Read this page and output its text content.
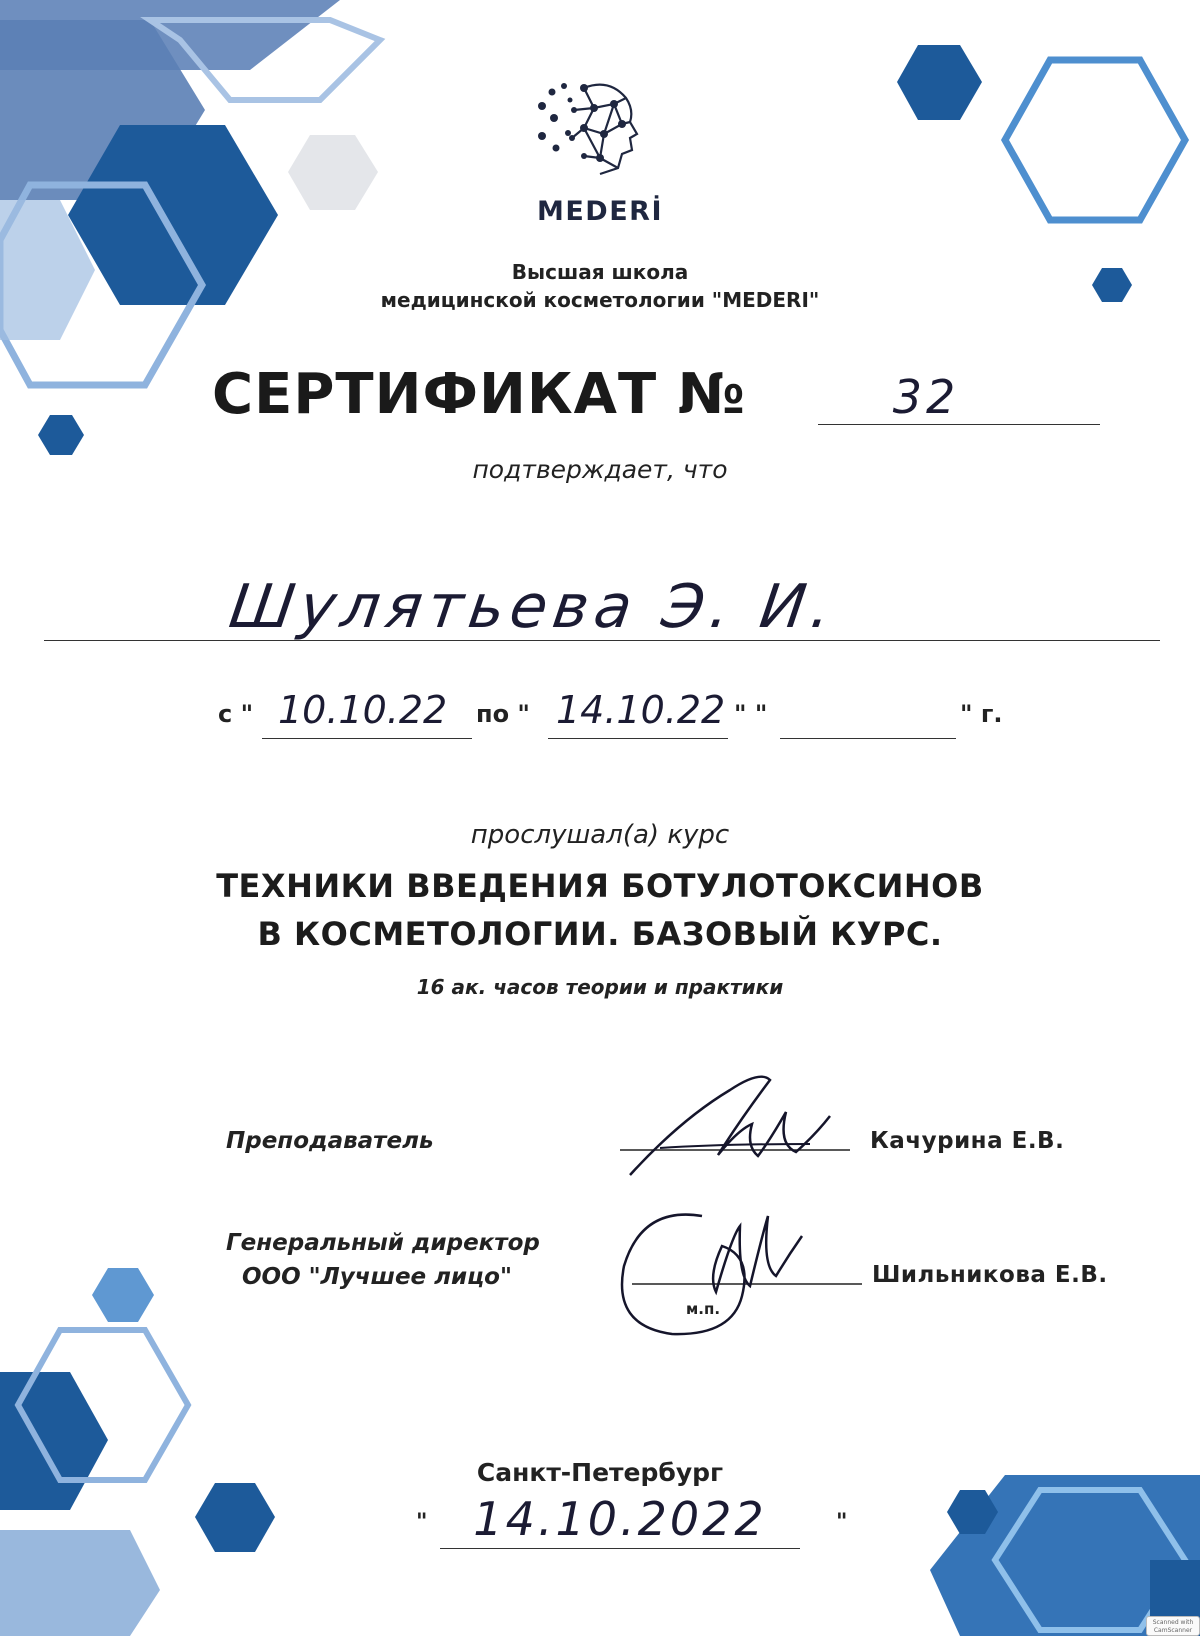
MEDERİ
Высшая школа
медицинской косметологии "MEDERI"
СЕРТИФИКАТ №	32
подтверждает, что
Шулятьева Э. И.
с " 10.10.22 по " 14.10.22 " "	" г.
прослушал(а) курс
ТЕХНИКИ ВВЕДЕНИЯ БОТУЛОТОКСИНОВ
В КОСМЕТОЛОГИИ. БАЗОВЫЙ КУРС.
16 ак. часов теории и практики
Преподаватель	Качурина Е.В.
Генеральный директор
ООО "Лучшее лицо"
м.п.
Шильникова Е.В.
Санкт-Петербург
" 14.10.2022	"
Scanned with
CamScanner
